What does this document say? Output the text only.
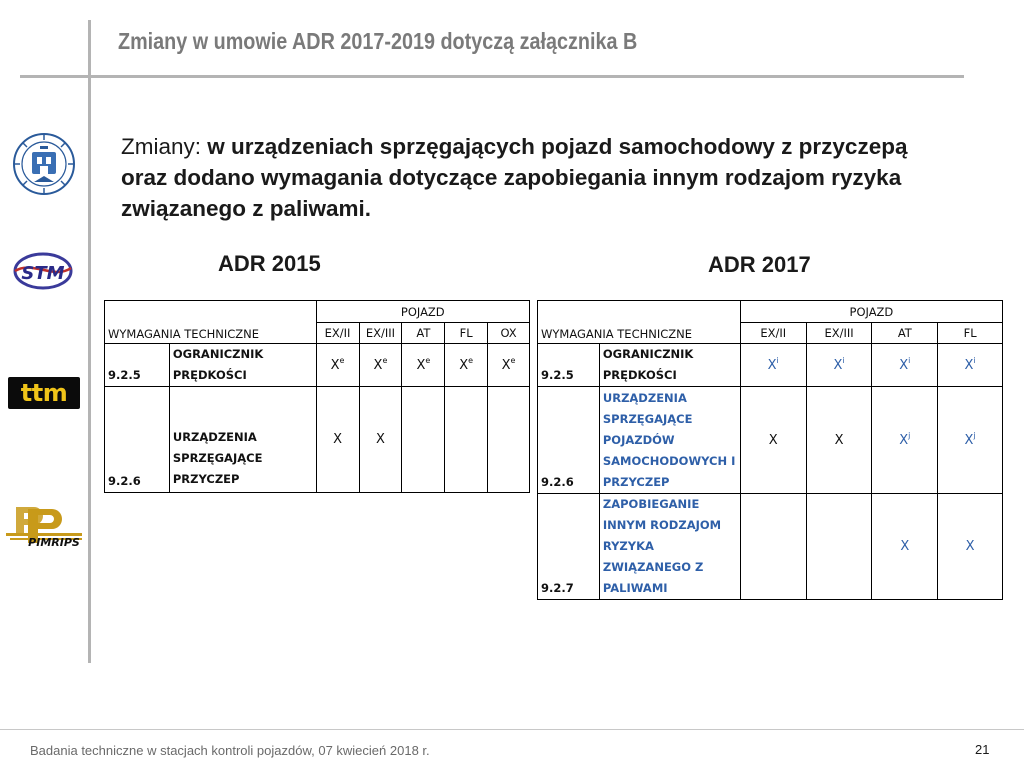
Zmiany w umowie ADR 2017-2019 dotyczą załącznika B
STM
ttm
PIMRIPS
Zmiany: w urządzeniach sprzęgających pojazd samochodowy z przyczepą oraz dodano wymagania dotyczące zapobiegania innym rodzajom ryzyka związanego z paliwami.
ADR 2015	ADR 2017
WYMAGANIA TECHNICZNE		POJAZD				
		EX/II	EX/III	AT	FL	OX
9.2.5	OGRANICZNIK
PRĘDKOŚCI	Xe	Xe	Xe	Xe	Xe
9.2.6	URZĄDZENIA
SPRZĘGAJĄCE
PRZYCZEP	X	X			
WYMAGANIA TECHNICZNE		POJAZD			
		EX/II	EX/III	AT	FL
9.2.5	OGRANICZNIK
PRĘDKOŚCI	$X^i$	$X^i$	$X^i$	$X^i$
9.2.6	URZĄDZENIA
SPRZĘGAJĄCE
POJAZDÓW
SAMOCHODOWYCH I
PRZYCZEP	X	X	$X^j$	$X^j$
9.2.7	ZAPOBIEGANIE
INNYM RODZAJOM
RYZYKA
ZWIĄZANEGO Z
PALIWAMI			X	X
Badania techniczne w stacjach kontroli pojazdów, 07 kwiecień 2018 r.	21
